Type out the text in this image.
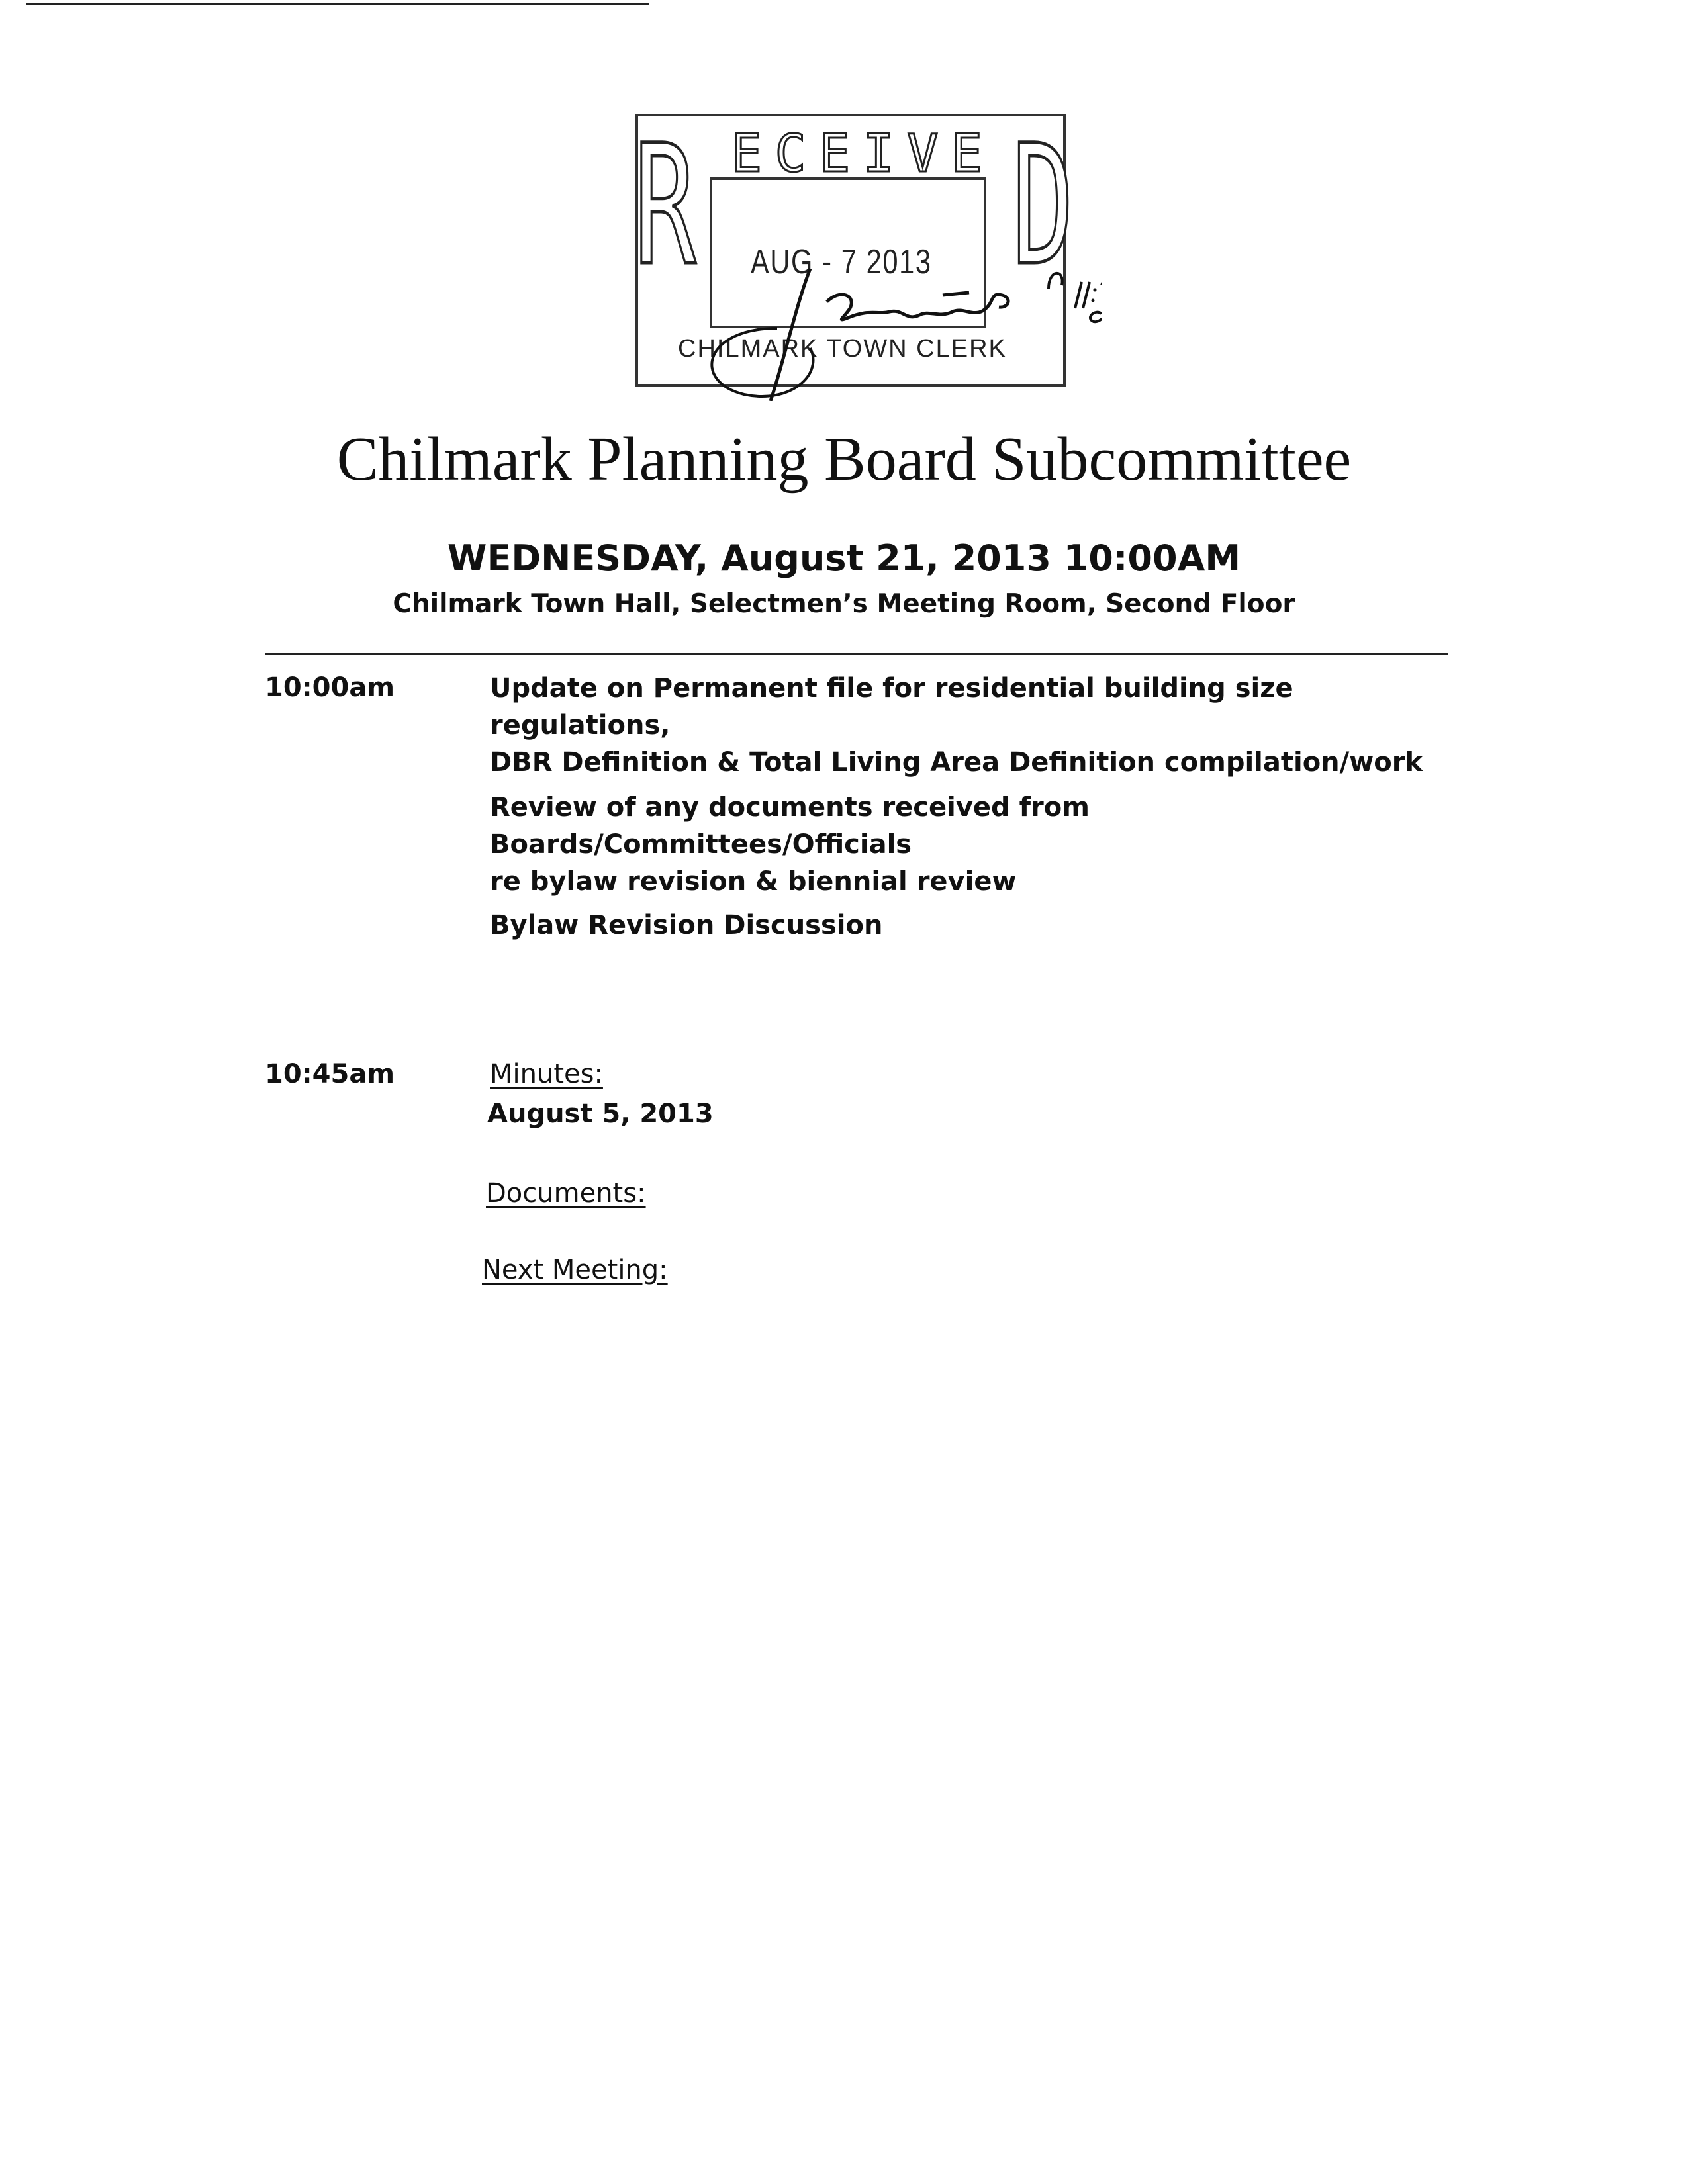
R E C E I V E D
AUG - 7 2013
CHILMARK TOWN CLERK
Chilmark Planning Board Subcommittee
WEDNESDAY, August 21, 2013 10:00AM
Chilmark Town Hall, Selectmen’s Meeting Room, Second Floor
10:00am	Update on Permanent file for residential building size regulations,
DBR Definition & Total Living Area Definition compilation/work
Review of any documents received from Boards/Committees/Officials
re bylaw revision & biennial review
Bylaw Revision Discussion
10:45am	Minutes:
August 5, 2013
Documents:
Next Meeting:
